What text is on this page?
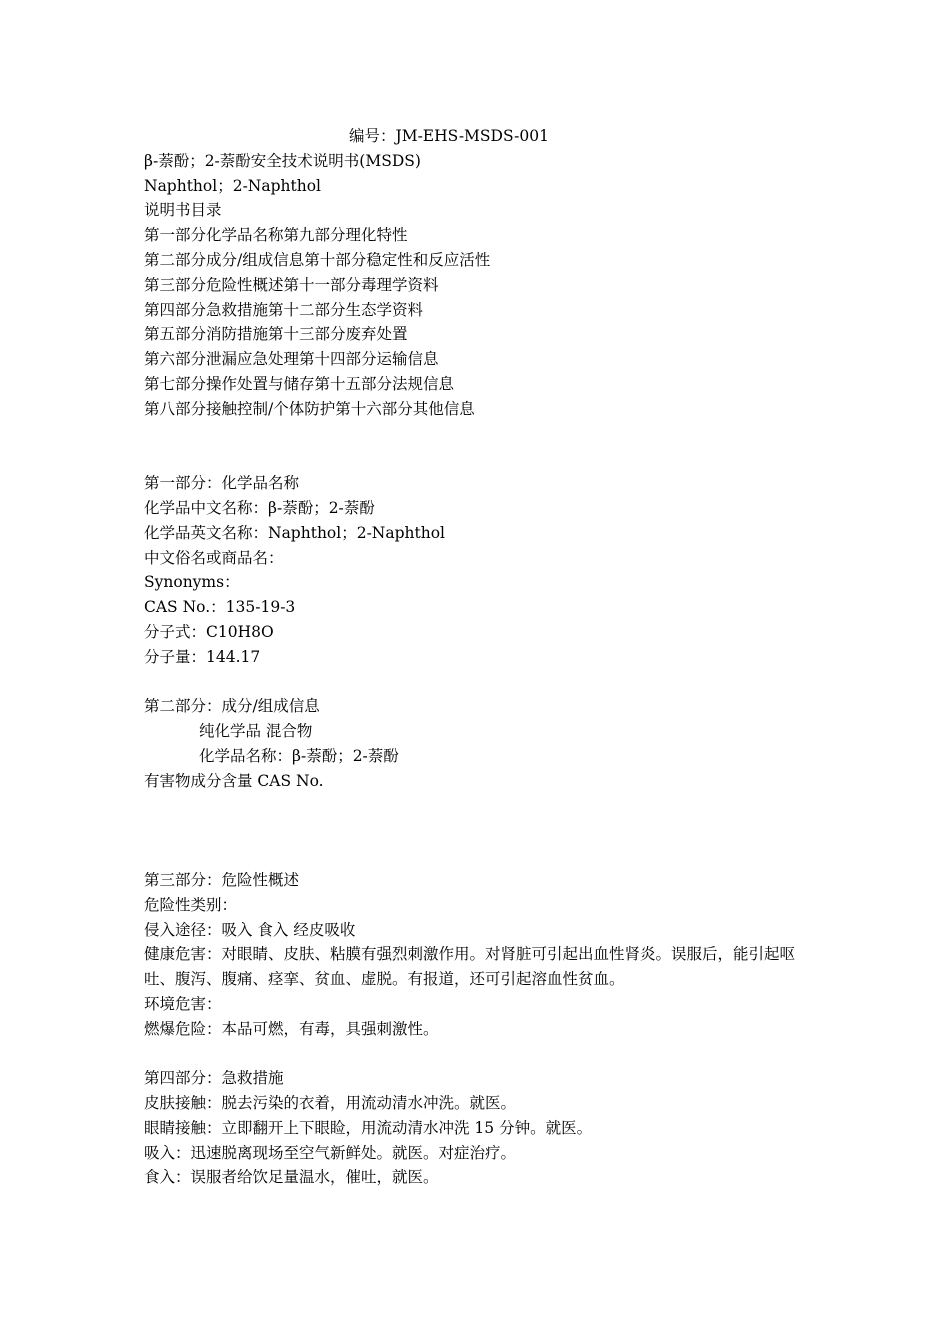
编号：JM-EHS-MSDS-001
β-萘酚；2-萘酚安全技术说明书(MSDS)
Naphthol；2-Naphthol
说明书目录
第一部分化学品名称第九部分理化特性
第二部分成分/组成信息第十部分稳定性和反应活性
第三部分危险性概述第十一部分毒理学资料
第四部分急救措施第十二部分生态学资料
第五部分消防措施第十三部分废弃处置
第六部分泄漏应急处理第十四部分运输信息
第七部分操作处置与储存第十五部分法规信息
第八部分接触控制/个体防护第十六部分其他信息
第一部分：化学品名称
化学品中文名称：β-萘酚；2-萘酚
化学品英文名称：Naphthol；2-Naphthol
中文俗名或商品名：
Synonyms：
CAS No.：135-19-3
分子式：C10H8O
分子量：144.17
第二部分：成分/组成信息
纯化学品 混合物
化学品名称：β-萘酚；2-萘酚
有害物成分含量 CAS No.
第三部分：危险性概述
危险性类别：
侵入途径：吸入 食入 经皮吸收
健康危害：对眼睛、皮肤、粘膜有强烈刺激作用。对肾脏可引起出血性肾炎。误服后，能引起呕
吐、腹泻、腹痛、痉挛、贫血、虚脱。有报道，还可引起溶血性贫血。
环境危害：
燃爆危险：本品可燃，有毒，具强刺激性。
第四部分：急救措施
皮肤接触：脱去污染的衣着，用流动清水冲洗。就医。
眼睛接触：立即翻开上下眼睑，用流动清水冲洗 15 分钟。就医。
吸入：迅速脱离现场至空气新鲜处。就医。对症治疗。
食入：误服者给饮足量温水，催吐，就医。
